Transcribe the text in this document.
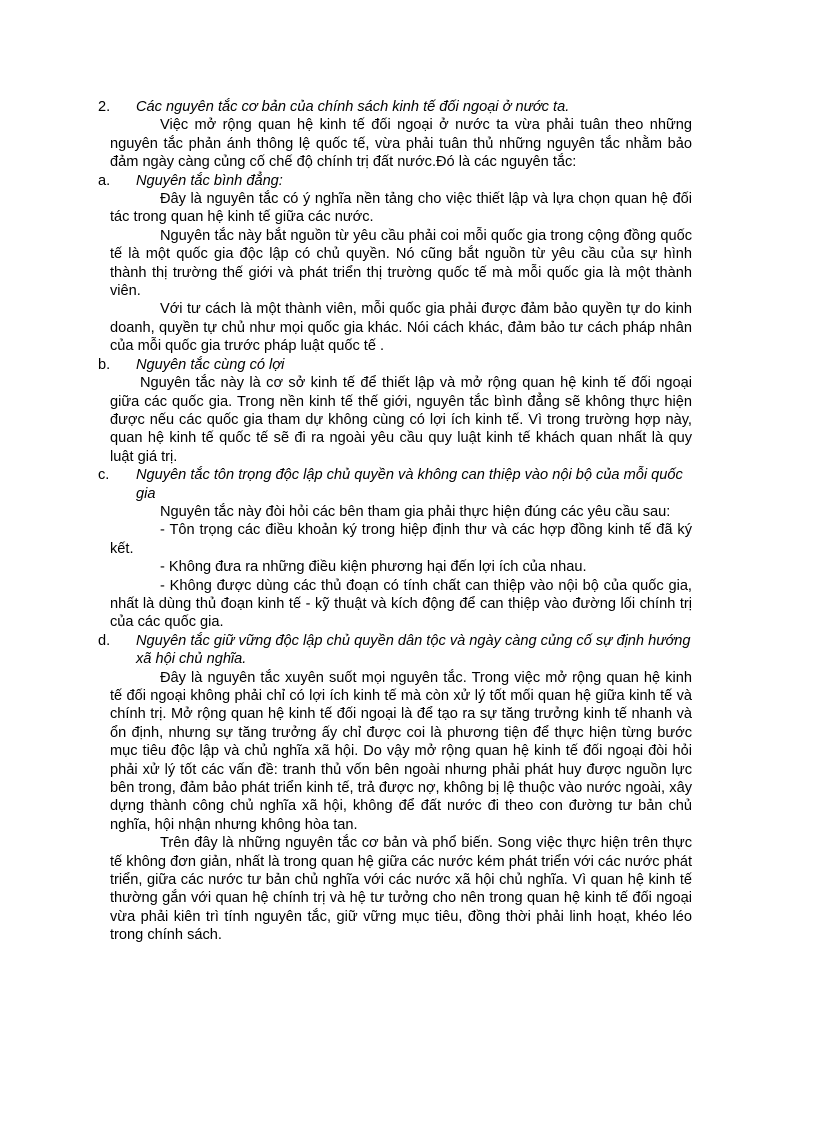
2. Các nguyên tắc cơ bản của chính sách kinh tế đối ngoại ở nước ta.

Việc mở rộng quan hệ kinh tế đối ngoại ở nước ta vừa phải tuân theo những nguyên tắc phản ánh thông lệ quốc tế, vừa phải tuân thủ những nguyên tắc nhằm bảo đảm ngày càng củng cố chế độ chính trị đất nước.Đó là các nguyên tắc:

a. Nguyên tắc bình đẳng:

Đây là nguyên tắc có ý nghĩa nền tảng cho việc thiết lập và lựa chọn quan hệ đối tác trong quan hệ kinh tế giữa các nước.

Nguyên tắc này bắt nguồn từ yêu cầu phải coi mỗi quốc gia trong cộng đồng quốc tế là một quốc gia độc lập có chủ quyền. Nó cũng bắt nguồn từ yêu cầu của sự hình thành thị trường thế giới và phát triển thị trường quốc tế mà mỗi quốc gia là một thành viên.

Với tư cách là một thành viên, mỗi quốc gia phải được đảm bảo quyền tự do kinh doanh, quyền tự chủ như mọi quốc gia khác. Nói cách khác, đảm bảo tư cách pháp nhân của mỗi quốc gia trước pháp luật quốc tế .

b. Nguyên tắc cùng có lợi

Nguyên tắc này là cơ sở kinh tế để thiết lập và mở rộng quan hệ kinh tế đối ngoại giữa các quốc gia. Trong nền kinh tế thế giới, nguyên tắc bình đẳng sẽ không thực hiện được nếu các quốc gia tham dự không cùng có lợi ích kinh tế. Vì trong trường hợp này, quan hệ kinh tế quốc tế sẽ đi ra ngoài yêu cầu quy luật kinh tế khách quan nhất là quy luật giá trị.

c. Nguyên tắc tôn trọng độc lập chủ quyền và không can thiệp vào nội bộ của mỗi quốc gia

Nguyên tắc này đòi hỏi các bên tham gia phải thực hiện đúng các yêu cầu sau:

- Tôn trọng các điều khoản ký trong hiệp định thư và các hợp đồng kinh tế đã ký kết.

- Không đưa ra những điều kiện phương hại đến lợi ích của nhau.

- Không được dùng các thủ đoạn có tính chất can thiệp vào nội bộ của quốc gia, nhất là dùng thủ đoạn kinh tế - kỹ thuật và kích động để can thiệp vào đường lối chính trị của các quốc gia.

d. Nguyên tắc giữ vững độc lập chủ quyền dân tộc và ngày càng củng cố sự định hướng xã hội chủ nghĩa.

Đây là nguyên tắc xuyên suốt mọi nguyên tắc. Trong việc mở rộng quan hệ kinh tế đối ngoại không phải chỉ có lợi ích kinh tế mà còn xử lý tốt mối quan hệ giữa kinh tế và chính trị. Mở rộng quan hệ kinh tế đối ngoại là để tạo ra sự tăng trưởng kinh tế nhanh và ổn định, nhưng sự tăng trưởng ấy chỉ được coi là phương tiện để thực hiện từng bước mục tiêu độc lập và chủ nghĩa xã hội. Do vậy mở rộng quan hệ kinh tế đối ngoại đòi hỏi phải xử lý tốt các vấn đề: tranh thủ vốn bên ngoài nhưng phải phát huy được nguồn lực bên trong, đảm bảo phát triển kinh tế, trả được nợ, không bị lệ thuộc vào nước ngoài, xây dựng thành công chủ nghĩa xã hội, không để đất nước đi theo con đường tư bản chủ nghĩa, hội nhận nhưng không hòa tan.

Trên đây là những nguyên tắc cơ bản và phổ biến. Song việc thực hiện trên thực tế không đơn giản, nhất là trong quan hệ giữa các nước kém phát triển với các nước phát triển, giữa các nước tư bản chủ nghĩa với các nước xã hội chủ nghĩa. Vì quan hệ kinh tế thường gắn với quan hệ chính trị và hệ tư tưởng cho nên trong quan hệ kinh tế đối ngoại vừa phải kiên trì tính nguyên tắc, giữ vững mục tiêu, đồng thời phải linh hoạt, khéo léo trong chính sách.
